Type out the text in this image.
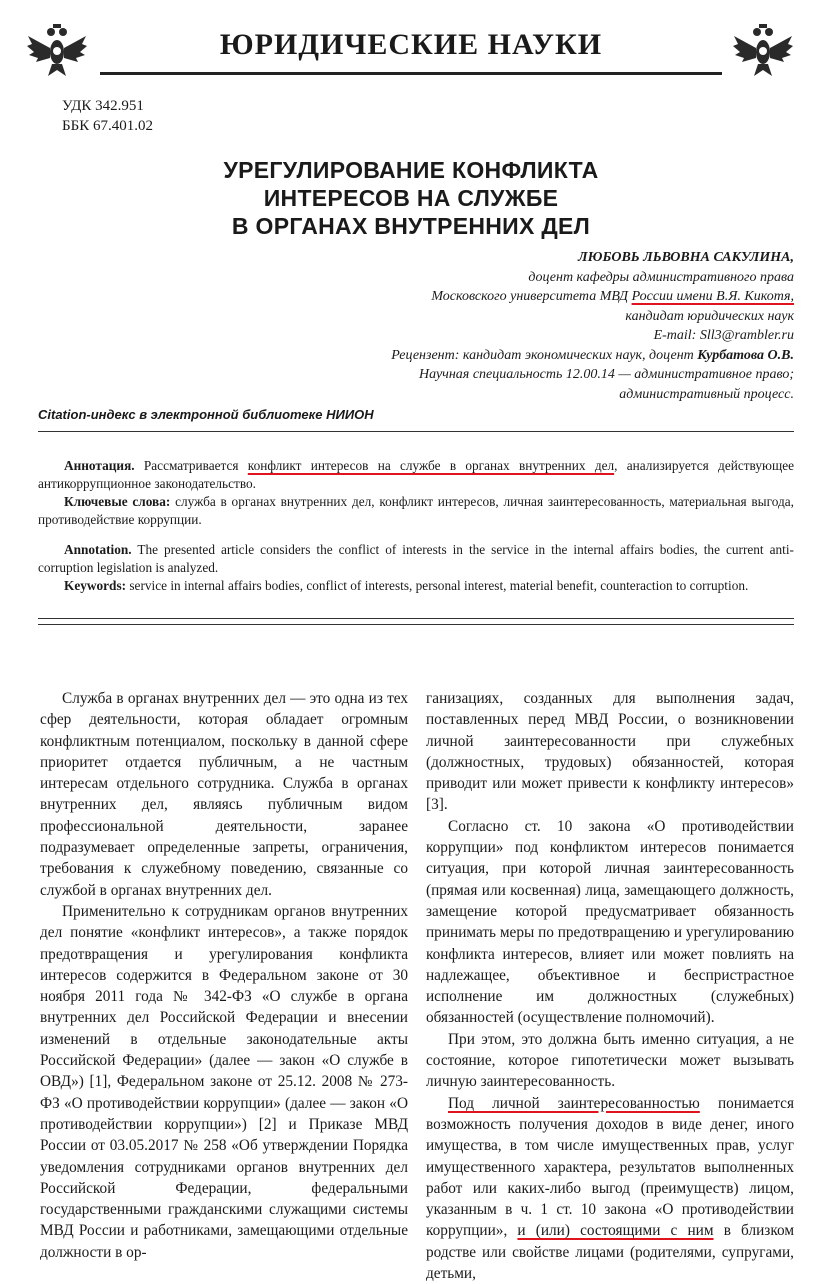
ЮРИДИЧЕСКИЕ НАУКИ
УДК 342.951
ББК 67.401.02
УРЕГУЛИРОВАНИЕ КОНФЛИКТА
ИНТЕРЕСОВ НА СЛУЖБЕ
В ОРГАНАХ ВНУТРЕННИХ ДЕЛ
ЛЮБОВЬ ЛЬВОВНА САКУЛИНА,
доцент кафедры административного права
Московского университета МВД России имени В.Я. Кикотя,
кандидат юридических наук
E-mail: Sll3@rambler.ru
Рецензент: кандидат экономических наук, доцент Курбатова О.В.
Научная специальность 12.00.14 — административное право;
административный процесс.
Citation-индекс в электронной библиотеке НИИОН

Аннотация. Рассматривается конфликт интересов на службе в органах внутренних дел, анализируется действующее антикоррупционное законодательство.

Ключевые слова: служба в органах внутренних дел, конфликт интересов, личная заинтересованность, материальная выгода, противодействие коррупции.

Annotation. The presented article considers the conflict of interests in the service in the internal affairs bodies, the current anti-corruption legislation is analyzed.

Keywords: service in internal affairs bodies, conflict of interests, personal interest, material benefit, counteraction to corruption.

Служба в органах внутренних дел — это одна из тех сфер деятельности, которая обладает огромным конфликтным потенциалом, поскольку в данной сфере приоритет отдается публичным, а не частным интересам отдельного сотрудника. Служба в органах внутренних дел, являясь публичным видом профессиональной деятельности, заранее подразумевает определенные запреты, ограничения, требования к служебному поведению, связанные со службой в органах внутренних дел.

Применительно к сотрудникам органов внутренних дел понятие «конфликт интересов», а также порядок предотвращения и урегулирования конфликта интересов содержится в Федеральном законе от 30 ноября 2011 года № 342-ФЗ «О службе в органа внутренних дел Российской Федерации и внесении изменений в отдельные законодательные акты Российской Федерации» (далее — закон «О службе в ОВД») [1], Федеральном законе от 25.12. 2008 № 273-ФЗ «О противодействии коррупции» (далее — закон «О противодействии коррупции») [2] и Приказе МВД России от 03.05.2017 № 258 «Об утверждении Порядка уведомления сотрудниками органов внутренних дел Российской Федерации, федеральными государственными гражданскими служащими системы МВД России и работниками, замещающими отдельные должности в ор-

ганизациях, созданных для выполнения задач, поставленных перед МВД России, о возникновении личной заинтересованности при служебных (должностных, трудовых) обязанностей, которая приводит или может привести к конфликту интересов» [3].

Согласно ст. 10 закона «О противодействии коррупции» под конфликтом интересов понимается ситуация, при которой личная заинтересованность (прямая или косвенная) лица, замещающего должность, замещение которой предусматривает обязанность принимать меры по предотвращению и урегулированию конфликта интересов, влияет или может повлиять на надлежащее, объективное и беспристрастное исполнение им должностных (служебных) обязанностей (осуществление полномочий).

При этом, это должна быть именно ситуация, а не состояние, которое гипотетически может вызывать личную заинтересованность.

Под личной заинтересованностью понимается возможность получения доходов в виде денег, иного имущества, в том числе имущественных прав, услуг имущественного характера, результатов выполненных работ или каких-либо выгод (преимуществ) лицом, указанным в ч. 1 ст. 10 закона «О противодействии коррупции», и (или) состоящими с ним в близком родстве или свойстве лицами (родителями, супругами, детьми,
